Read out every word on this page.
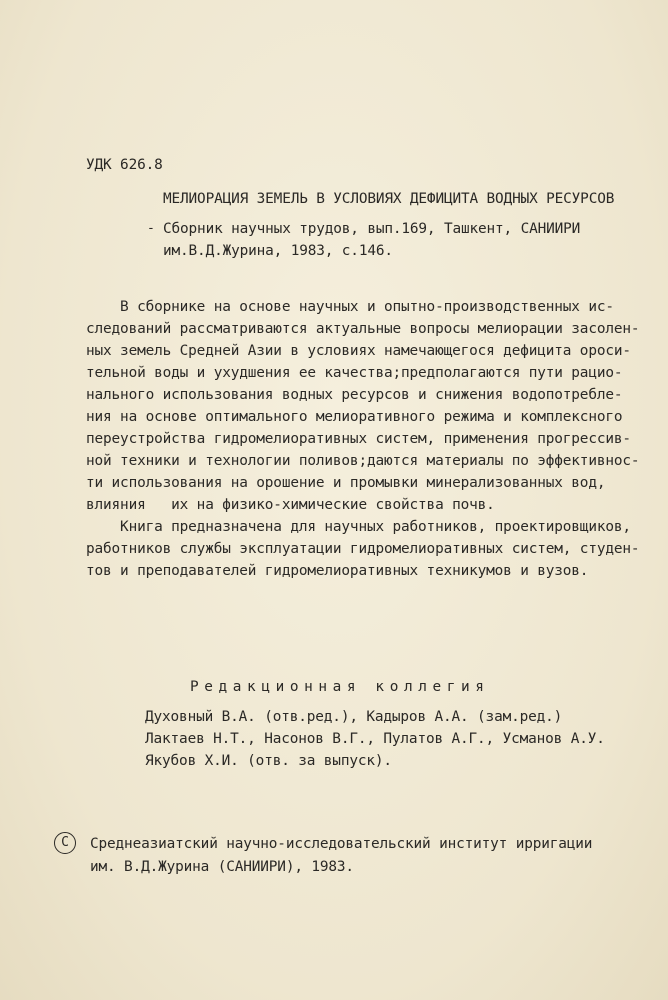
УДК 626.8
МЕЛИОРАЦИЯ ЗЕМЕЛЬ В УСЛОВИЯХ ДЕФИЦИТА ВОДНЫХ РЕСУРСОВ
‐ Сборник научных трудов, вып.169, Ташкент, САНИИРИ
им.В.Д.Журина, 1983, с.146.
В сборнике на основе научных и опытно-производственных ис-
следований рассматриваются актуальные вопросы мелиорации засолен-
ных земель Средней Азии в условиях намечающегося дефицита ороси-
тельной воды и ухудшения ее качества;предполагаются пути рацио-
нального использования водных ресурсов и снижения водопотребле-
ния на основе оптимального мелиоративного режима и комплексного
переустройства гидромелиоративных систем, применения прогрессив-
ной техники и технологии поливов;даются материалы по эффективнос-
ти использования на орошение и промывки минерализованных вод,
влияния   их на физико-химические свойства почв.
Книга предназначена для научных работников, проектировщиков,
работников службы эксплуатации гидромелиоративных систем, студен-
тов и преподавателей гидромелиоративных техникумов и вузов.
Редакционная коллегия
Духовный В.А. (отв.ред.), Кадыров А.А. (зам.ред.)
Лактаев Н.Т., Насонов В.Г., Пулатов А.Г., Усманов А.У.
Якубов Х.И. (отв. за выпуск).
С	Среднеазиатский научно-исследовательский институт ирригации
им. В.Д.Журина (САНИИРИ), 1983.
